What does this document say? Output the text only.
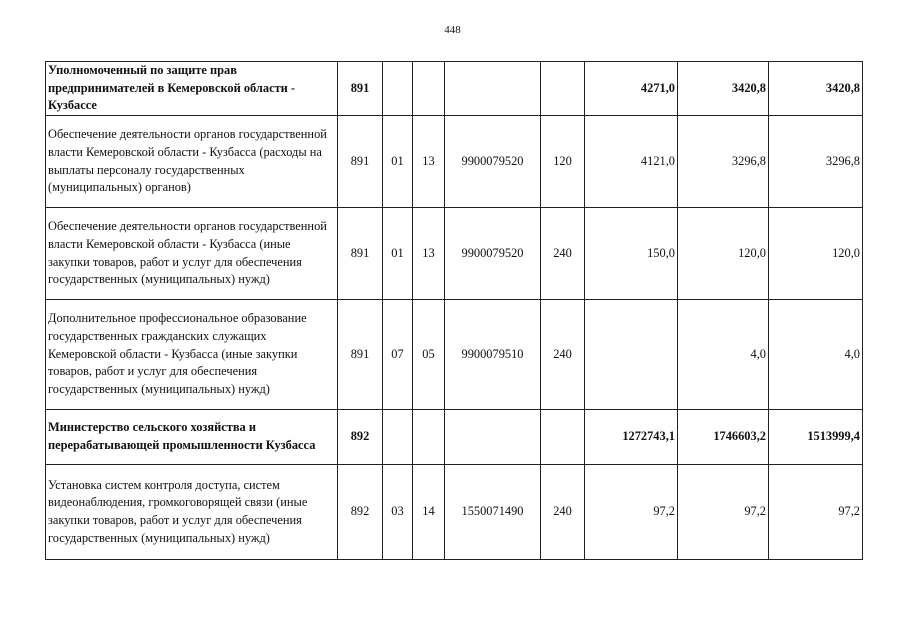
448
Уполномоченный по защите прав предпринимателей в Кемеровской области - Кузбассе	891					4271,0	3420,8	3420,8
Обеспечение деятельности органов государственной власти Кемеровской области - Кузбасса (расходы на выплаты персоналу государственных (муниципальных) органов)	891	01	13	9900079520	120	4121,0	3296,8	3296,8
Обеспечение деятельности органов государственной власти Кемеровской области - Кузбасса (иные закупки товаров, работ и услуг для обеспечения государственных (муниципальных) нужд)	891	01	13	9900079520	240	150,0	120,0	120,0
Дополнительное профессиональное образование государственных гражданских служащих Кемеровской области - Кузбасса (иные закупки товаров, работ и услуг для обеспечения государственных (муниципальных) нужд)	891	07	05	9900079510	240		4,0	4,0
Министерство сельского хозяйства и перерабатывающей промышленности Кузбасса	892					1272743,1	1746603,2	1513999,4
Установка систем контроля доступа, систем видеонаблюдения, громкоговорящей связи (иные закупки товаров, работ и услуг для обеспечения государственных (муниципальных) нужд)	892	03	14	1550071490	240	97,2	97,2	97,2
